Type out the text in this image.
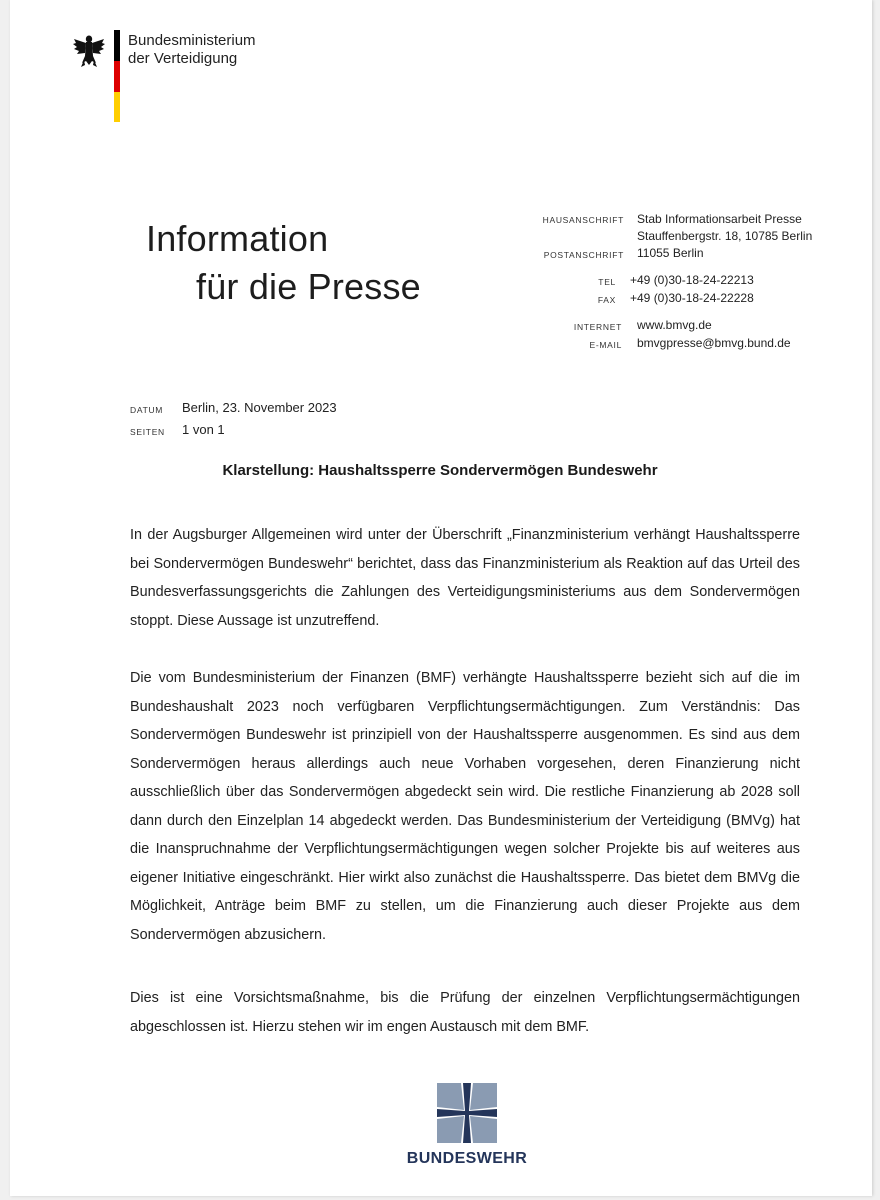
Bundesministerium
der Verteidigung
Information
für die Presse
HAUSANSCHRIFT Stab Informationsarbeit Presse
Stauffenbergstr. 18, 10785 Berlin
POSTANSCHRIFT 11055 Berlin
TEL +49 (0)30-18-24-22213
FAX +49 (0)30-18-24-22228
INTERNET www.bmvg.de
E-MAIL bmvgpresse@bmvg.bund.de
DATUM Berlin, 23. November 2023
SEITEN 1 von 1
Klarstellung: Haushaltssperre Sondervermögen Bundeswehr

In der Augsburger Allgemeinen wird unter der Überschrift „Finanzministerium verhängt Haushaltssperre bei Sondervermögen Bundeswehr“ berichtet, dass das Finanzministerium als Reaktion auf das Urteil des Bundesverfassungsgerichts die Zahlungen des Verteidigungsministeriums aus dem Sondervermögen stoppt. Diese Aussage ist unzutreffend.

Die vom Bundesministerium der Finanzen (BMF) verhängte Haushaltssperre bezieht sich auf die im Bundeshaushalt 2023 noch verfügbaren Verpflichtungsermächtigungen. Zum Verständnis: Das Sondervermögen Bundeswehr ist prinzipiell von der Haushaltssperre ausgenommen. Es sind aus dem Sondervermögen heraus allerdings auch neue Vorhaben vorgesehen, deren Finanzierung nicht ausschließlich über das Sondervermögen abgedeckt sein wird. Die restliche Finanzierung ab 2028 soll dann durch den Einzelplan 14 abgedeckt werden. Das Bundesministerium der Verteidigung (BMVg) hat die Inanspruchnahme der Verpflichtungsermächtigungen wegen solcher Projekte bis auf weiteres aus eigener Initiative eingeschränkt. Hier wirkt also zunächst die Haushaltssperre. Das bietet dem BMVg die Möglichkeit, Anträge beim BMF zu stellen, um die Finanzierung auch dieser Projekte aus dem Sondervermögen abzusichern.

Dies ist eine Vorsichtsmaßnahme, bis die Prüfung der einzelnen Verpflichtungsermächtigungen abgeschlossen ist. Hierzu stehen wir im engen Austausch mit dem BMF.

BUNDESWEHR
